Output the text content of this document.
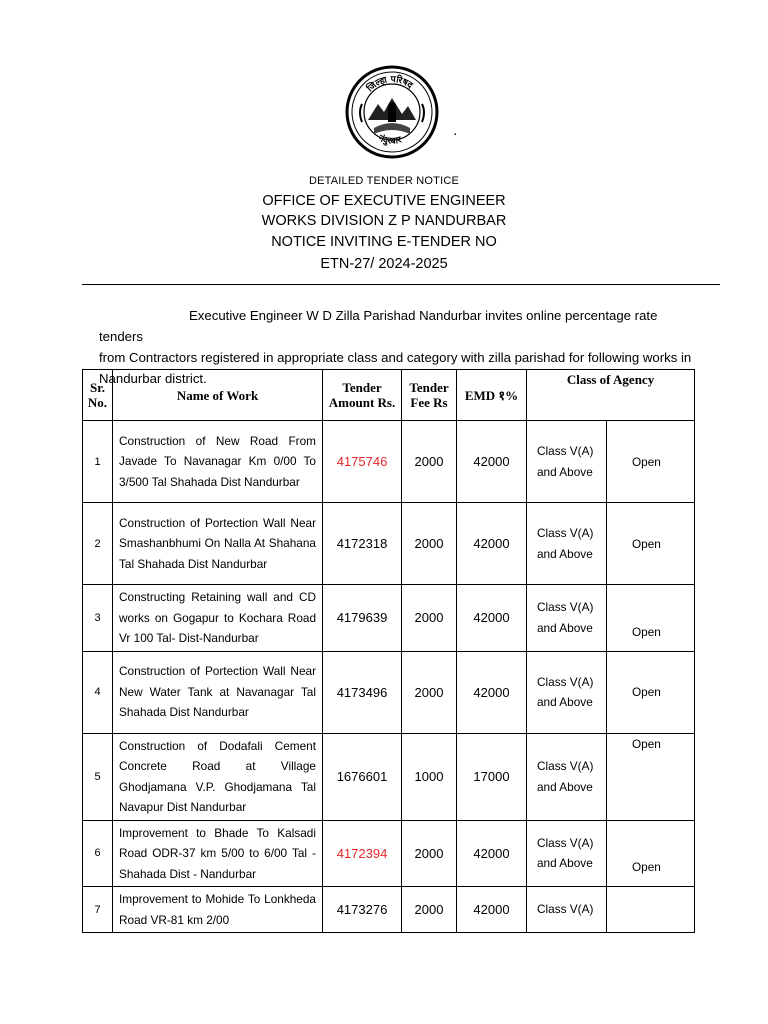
जिल्हा परिषद
नंदुरबार
▪
DETAILED TENDER NOTICE
OFFICE OF EXECUTIVE ENGINEER
WORKS DIVISION Z P NANDURBAR
NOTICE INVITING E-TENDER NO
ETN-27/ 2024-2025
Executive Engineer W D Zilla Parishad Nandurbar invites online percentage rate tenders
from Contractors registered in appropriate class and category with zilla parishad for following works in Nandurbar district.
Sr. No.	Name of Work	Tender Amount Rs.	Tender Fee Rs	EMD १%	Class of Agency	
1	Construction of New Road From Javade To Navanagar Km 0/00 To 3/500 Tal Shahada Dist Nandurbar	4175746	2000	42000	Class V(A) and Above	Open
2	Construction of Portection Wall Near Smashanbhumi On Nalla At Shahana Tal Shahada Dist Nandurbar	4172318	2000	42000	Class V(A) and Above	Open
3	Constructing Retaining wall and CD works on Gogapur to Kochara Road Vr 100 Tal- Dist-Nandurbar	4179639	2000	42000	Class V(A) and Above	Open
4	Construction of Portection Wall Near New Water Tank at Navanagar Tal Shahada Dist Nandurbar	4173496	2000	42000	Class V(A) and Above	Open
5	Construction of Dodafali Cement Concrete Road at Village Ghodjamana V.P. Ghodjamana Tal Navapur Dist Nandurbar	1676601	1000	17000	Class V(A) and Above	Open
6	Improvement to Bhade To Kalsadi Road ODR-37 km 5/00 to 6/00 Tal - Shahada Dist - Nandurbar	4172394	2000	42000	Class V(A) and Above	Open
7	Improvement to Mohide To Lonkheda Road VR-81 km 2/00	4173276	2000	42000	Class V(A)	
